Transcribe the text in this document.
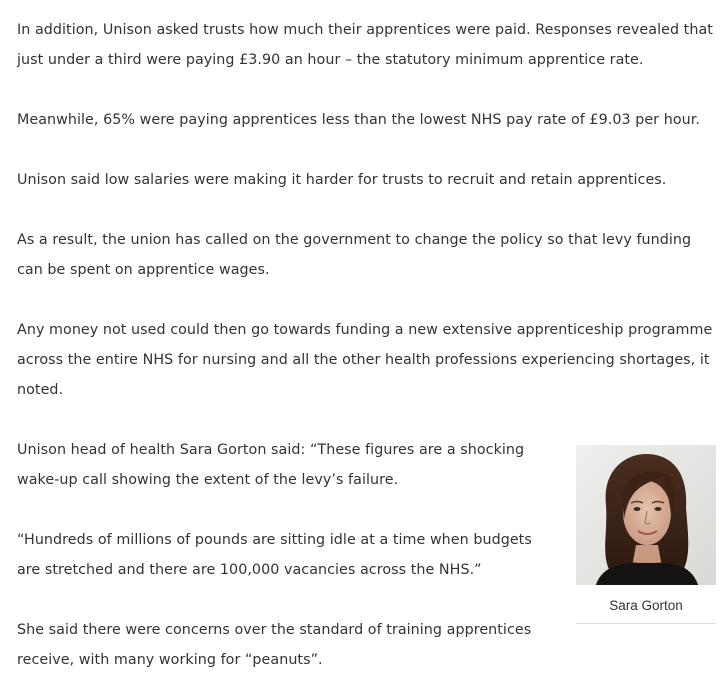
In addition, Unison asked trusts how much their apprentices were paid. Responses revealed that just under a third were paying £3.90 an hour – the statutory minimum apprentice rate.

Meanwhile, 65% were paying apprentices less than the lowest NHS pay rate of £9.03 per hour.

Unison said low salaries were making it harder for trusts to recruit and retain apprentices.

As a result, the union has called on the government to change the policy so that levy funding can be spent on apprentice wages.

Any money not used could then go towards funding a new extensive apprenticeship programme across the entire NHS for nursing and all the other health professions experiencing shortages, it noted.

Unison head of health Sara Gorton said: “These figures are a shocking wake-up call showing the extent of the levy’s failure.

“Hundreds of millions of pounds are sitting idle at a time when budgets are stretched and there are 100,000 vacancies across the NHS.”

She said there were concerns over the standard of training apprentices receive, with many working for “peanuts”.

Sara Gorton
